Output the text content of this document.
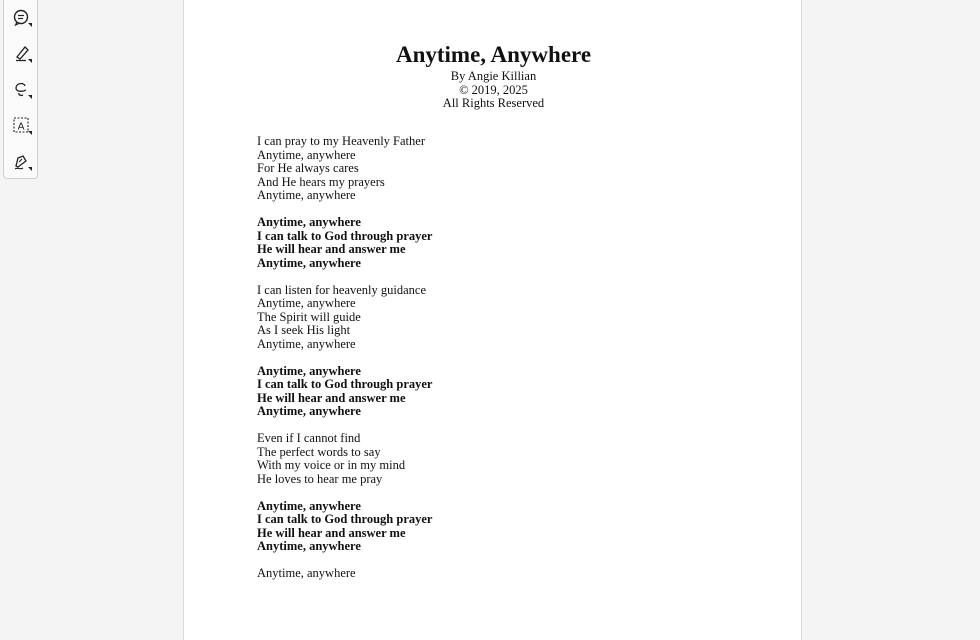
A
Anytime, Anywhere
By Angie Killian
© 2019, 2025
All Rights Reserved
I can pray to my Heavenly Father
Anytime, anywhere
For He always cares
And He hears my prayers
Anytime, anywhere
Anytime, anywhere
I can talk to God through prayer
He will hear and answer me
Anytime, anywhere
I can listen for heavenly guidance
Anytime, anywhere
The Spirit will guide
As I seek His light
Anytime, anywhere
Anytime, anywhere
I can talk to God through prayer
He will hear and answer me
Anytime, anywhere
Even if I cannot find
The perfect words to say
With my voice or in my mind
He loves to hear me pray
Anytime, anywhere
I can talk to God through prayer
He will hear and answer me
Anytime, anywhere
Anytime, anywhere
